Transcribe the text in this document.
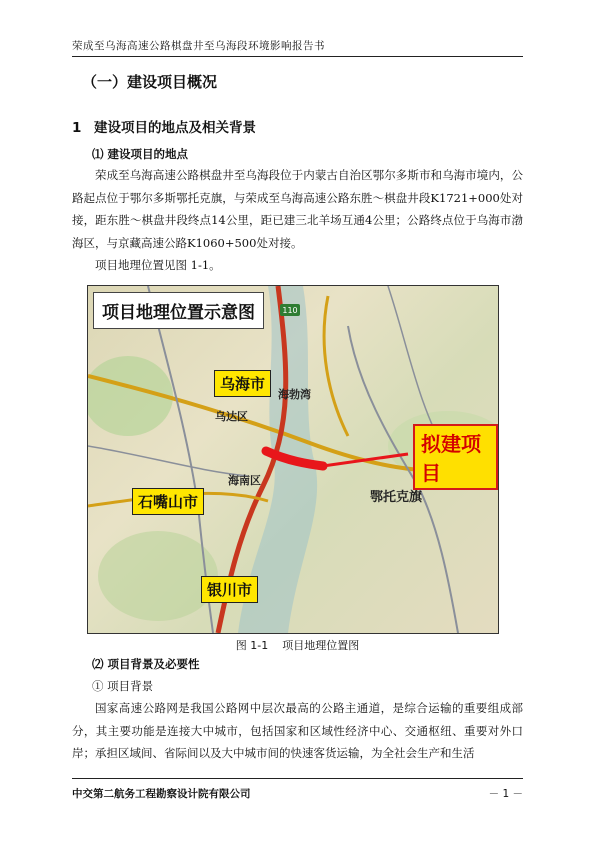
荣成至乌海高速公路棋盘井至乌海段环境影响报告书
（一）建设项目概况
1 建设项目的地点及相关背景
⑴ 建设项目的地点

荣成至乌海高速公路棋盘井至乌海段位于内蒙古自治区鄂尔多斯市和乌海市境内，公路起点位于鄂尔多斯鄂托克旗，与荣成至乌海高速公路东胜～棋盘井段K1721+000处对接，距东胜～棋盘井段终点14公里，距已建三北羊场互通4公里；公路终点位于乌海市渤海区，与京藏高速公路K1060+500处对接。

项目地理位置见图 1-1。

110
项目地理位置示意图
乌海市
石嘴山市
银川市
鄂托克旗
乌达区
海勃湾
海南区
拟建项目
图 1-1 项目地理位置图
⑵ 项目背景及必要性
① 项目背景

国家高速公路网是我国公路网中层次最高的公路主通道，是综合运输的重要组成部分，其主要功能是连接大中城市，包括国家和区域性经济中心、交通枢纽、重要对外口岸；承担区域间、省际间以及大中城市间的快速客货运输，为全社会生产和生活

中交第二航务工程勘察设计院有限公司	－ 1 －
